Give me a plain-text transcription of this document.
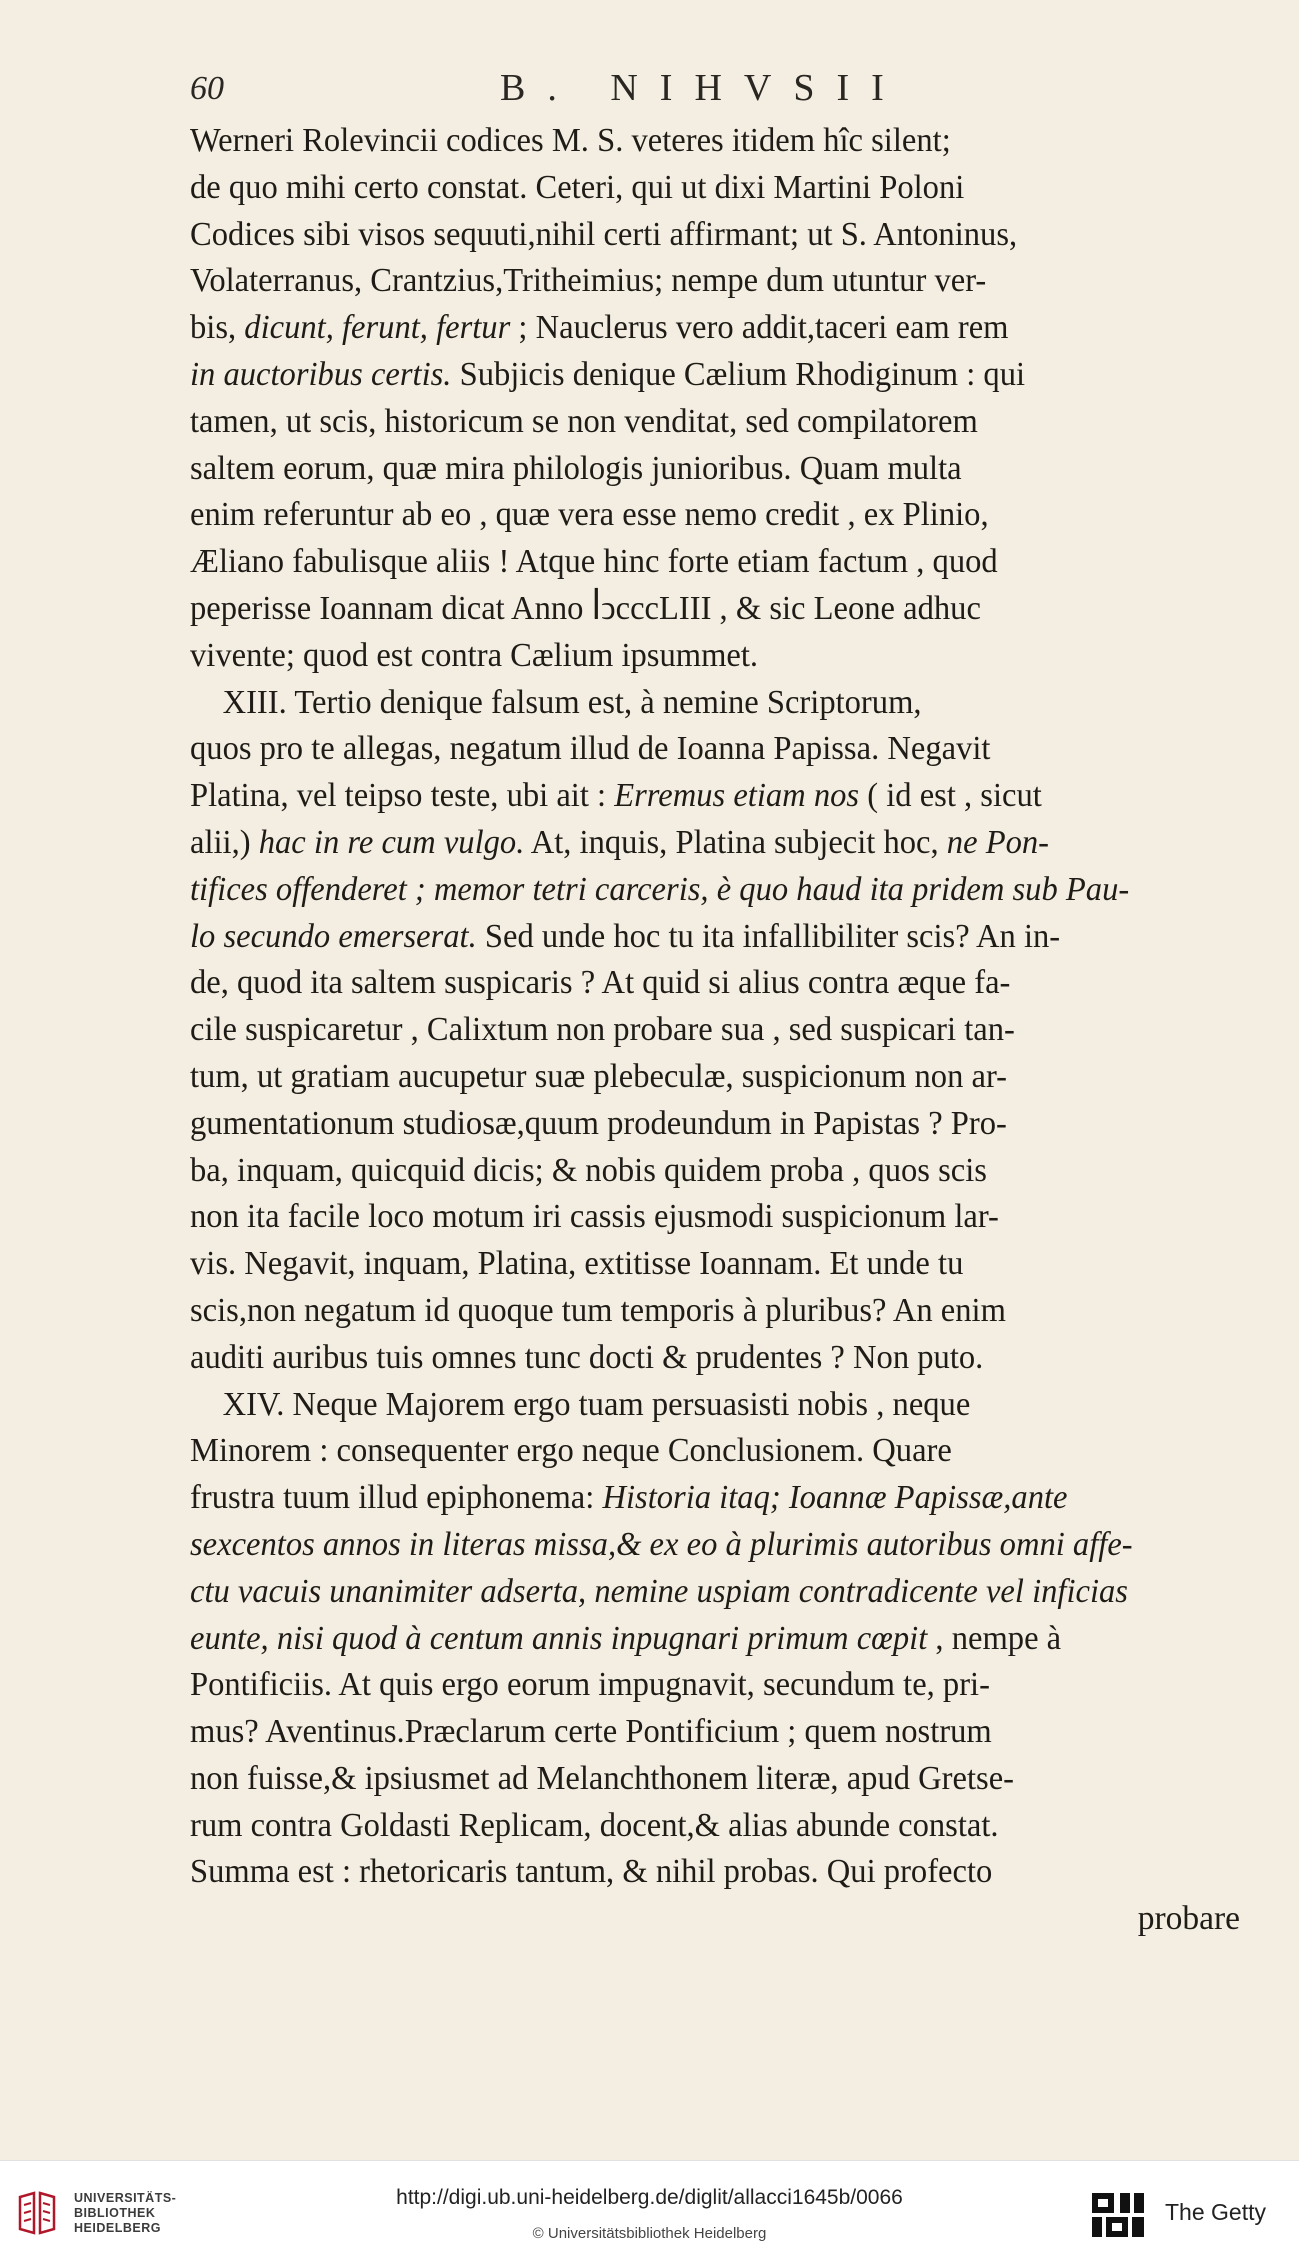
60	B. NIHVSII
Werneri Rolevincii codices M. S. veteres itidem hîc silent;
de quo mihi certo constat. Ceteri, qui ut dixi Martini Poloni
Codices sibi visos sequuti,nihil certi affirmant; ut S. Antoninus,
Volaterranus, Crantzius,Tritheimius; nempe dum utuntur ver-
bis, dicunt, ferunt, fertur ; Nauclerus vero addit,taceri eam rem
in auctoribus certis. Subjicis denique Cælium Rhodiginum : qui
tamen, ut scis, historicum se non venditat, sed compilatorem
saltem eorum, quæ mira philologis junioribus. Quam multa
enim referuntur ab eo , quæ vera esse nemo credit , ex Plinio,
Æliano fabulisque aliis ! Atque hinc forte etiam factum , quod
peperisse Ioannam dicat Anno ꟾↄcccLIII , & sic Leone adhuc
vivente; quod est contra Cælium ipsummet.
XIII. Tertio denique falsum est, à nemine Scriptorum,
quos pro te allegas, negatum illud de Ioanna Papissa. Negavit
Platina, vel teipso teste, ubi ait : Erremus etiam nos ( id est , sicut
alii,) hac in re cum vulgo. At, inquis, Platina subjecit hoc, ne Pon-
tifices offenderet ; memor tetri carceris, è quo haud ita pridem sub Pau-
lo secundo emerserat. Sed unde hoc tu ita infallibiliter scis? An in-
de, quod ita saltem suspicaris ? At quid si alius contra æque fa-
cile suspicaretur , Calixtum non probare sua , sed suspicari tan-
tum, ut gratiam aucupetur suæ plebeculæ, suspicionum non ar-
gumentationum studiosæ,quum prodeundum in Papistas ? Pro-
ba, inquam, quicquid dicis; & nobis quidem proba , quos scis
non ita facile loco motum iri cassis ejusmodi suspicionum lar-
vis. Negavit, inquam, Platina, extitisse Ioannam. Et unde tu
scis,non negatum id quoque tum temporis à pluribus? An enim
auditi auribus tuis omnes tunc docti & prudentes ? Non puto.
XIV. Neque Majorem ergo tuam persuasisti nobis , neque
Minorem : consequenter ergo neque Conclusionem. Quare
frustra tuum illud epiphonema: Historia itaq; Ioannæ Papissæ,ante
sexcentos annos in literas missa,& ex eo à plurimis autoribus omni affe-
ctu vacuis unanimiter adserta, nemine uspiam contradicente vel inficias
eunte, nisi quod à centum annis inpugnari primum cœpit , nempe à
Pontificiis. At quis ergo eorum impugnavit, secundum te, pri-
mus? Aventinus.Præclarum certe Pontificium ; quem nostrum
non fuisse,& ipsiusmet ad Melanchthonem literæ, apud Gretse-
rum contra Goldasti Replicam, docent,& alias abunde constat.
Summa est : rhetoricaris tantum, & nihil probas. Qui profecto
probare
UNIVERSITÄTS-
BIBLIOTHEK
HEIDELBERG
http://digi.ub.uni-heidelberg.de/diglit/allacci1645b/0066
© Universitätsbibliothek Heidelberg
The Getty
